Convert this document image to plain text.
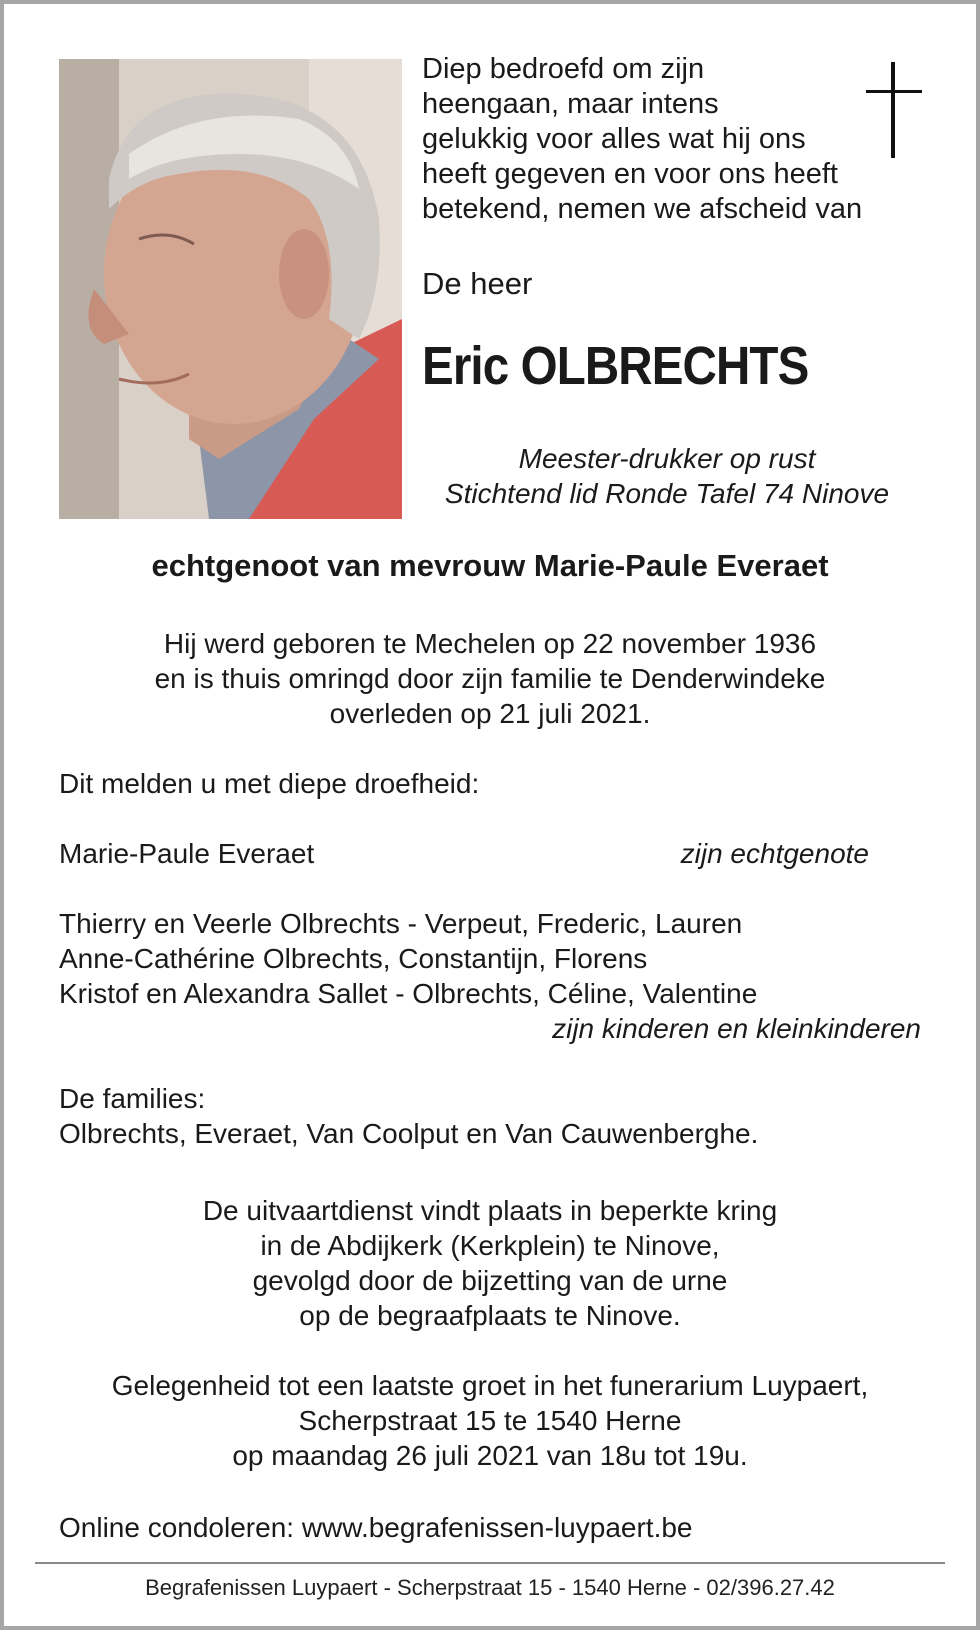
Diep bedroefd om zijn
heengaan, maar intens
gelukkig voor alles wat hij ons
heeft gegeven en voor ons heeft
betekend, nemen we afscheid van
De heer
Eric OLBRECHTS
Meester-drukker op rust
Stichtend lid Ronde Tafel 74 Ninove
echtgenoot van mevrouw Marie-Paule Everaet
Hij werd geboren te Mechelen op 22 november 1936
en is thuis omringd door zijn familie te Denderwindeke
overleden op 21 juli 2021.
Dit melden u met diepe droefheid:
Marie-Paule Everaet	zijn echtgenote
Thierry en Veerle Olbrechts - Verpeut, Frederic, Lauren
Anne-Cathérine Olbrechts, Constantijn, Florens
Kristof en Alexandra Sallet - Olbrechts, Céline, Valentine
zijn kinderen en kleinkinderen
De families:
Olbrechts, Everaet, Van Coolput en Van Cauwenberghe.
De uitvaartdienst vindt plaats in beperkte kring
in de Abdijkerk (Kerkplein) te Ninove,
gevolgd door de bijzetting van de urne
op de begraafplaats te Ninove.
Gelegenheid tot een laatste groet in het funerarium Luypaert,
Scherpstraat 15 te 1540 Herne
op maandag 26 juli 2021 van 18u tot 19u.
Online condoleren: www.begrafenissen-luypaert.be
Begrafenissen Luypaert - Scherpstraat 15 - 1540 Herne - 02/396.27.42
